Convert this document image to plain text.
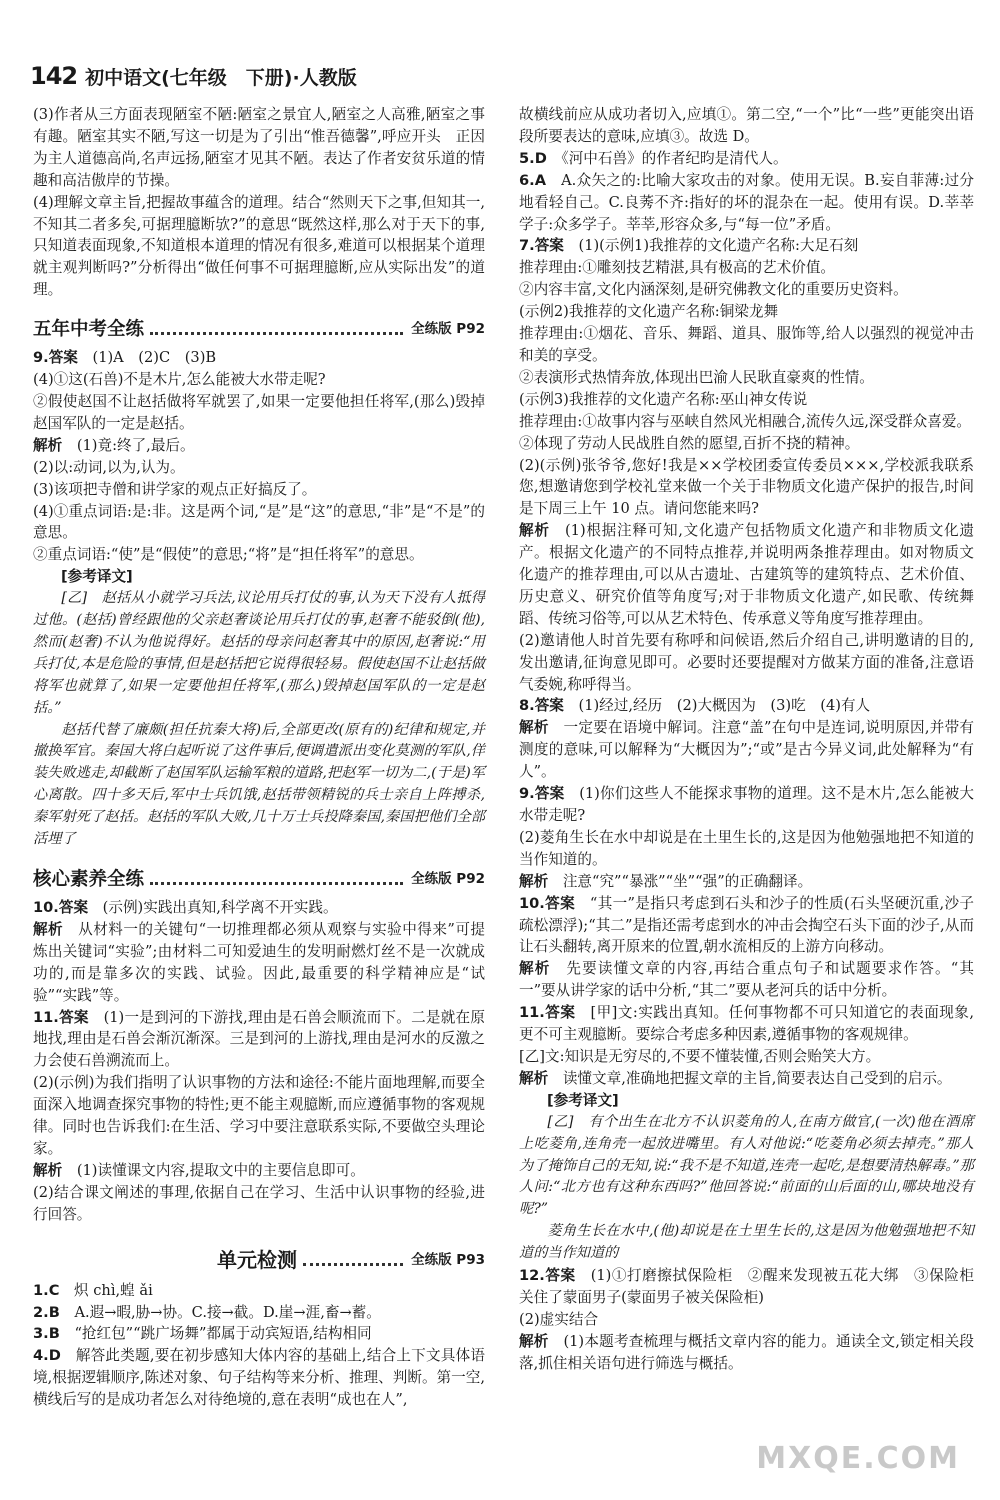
142 初中语文(七年级　下册)·人教版

(3)作者从三方面表现陋室不陋:陋室之景宜人,陋室之人高雅,陋室之事有趣。陋室其实不陋,写这一切是为了引出“惟吾德馨”,呼应开头　正因为主人道德高尚,名声远扬,陋室才见其不陋。表达了作者安贫乐道的情趣和高洁傲岸的节操。

(4)理解文章主旨,把握故事蕴含的道理。结合“然则天下之事,但知其一,不知其二者多矣,可据理臆断欤?”的意思“既然这样,那么对于天下的事,只知道表面现象,不知道根本道理的情况有很多,难道可以根据某个道理就主观判断吗?”分析得出“做任何事不可据理臆断,应从实际出发”的道理。

五年中考全练	全练版 P92

9.答案　 (1)A　(2)C　(3)B

(4)①这(石兽)不是木片,怎么能被大水带走呢?

②假使赵国不让赵括做将军就罢了,如果一定要他担任将军,(那么)毁掉赵国军队的一定是赵括。

解析　 (1)竟:终了,最后。

(2)以:动词,以为,认为。

(3)该项把寺僧和讲学家的观点正好搞反了。

(4)①重点词语:是:非。这是两个词,“是”是“这”的意思,“非”是“不是”的意思。

②重点词语:“使”是“假使”的意思;“将”是“担任将军”的意思。

[参考译文]

[乙]　赵括从小就学习兵法,议论用兵打仗的事,认为天下没有人抵得过他。(赵括)曾经跟他的父亲赵奢谈论用兵打仗的事,赵奢不能驳倒(他),然而(赵奢)不认为他说得好。赵括的母亲问赵奢其中的原因,赵奢说:“用兵打仗,本是危险的事情,但是赵括把它说得很轻易。假使赵国不让赵括做将军也就算了,如果一定要他担任将军,(那么)毁掉赵国军队的一定是赵括。”

赵括代替了廉颇(担任抗秦大将)后,全部更改(原有的)纪律和规定,并撤换军官。秦国大将白起听说了这件事后,便调遣派出变化莫测的军队,佯装失败逃走,却截断了赵国军队运输军粮的道路,把赵军一切为二,(于是)军心离散。四十多天后,军中士兵饥饿,赵括带领精锐的兵士亲自上阵搏杀,秦军射死了赵括。赵括的军队大败,几十万士兵投降秦国,秦国把他们全部活埋了

核心素养全练	全练版 P92

10.答案　 (示例)实践出真知,科学离不开实践。

解析　 从材料一的关键句“一切推理都必须从观察与实验中得来”可提炼出关键词“实验”;由材料二可知爱迪生的发明耐燃灯丝不是一次就成功的,而是靠多次的实践、试验。因此,最重要的科学精神应是“试验”“实践”等。

11.答案　 (1)一是到河的下游找,理由是石兽会顺流而下。二是就在原地找,理由是石兽会渐沉渐深。三是到河的上游找,理由是河水的反激之力会使石兽溯流而上。

(2)(示例)为我们指明了认识事物的方法和途径:不能片面地理解,而要全面深入地调查探究事物的特性;更不能主观臆断,而应遵循事物的客观规律。同时也告诉我们:在生活、学习中要注意联系实际,不要做空头理论家。

解析　 (1)读懂课文内容,提取文中的主要信息即可。

(2)结合课文阐述的事理,依据自己在学习、生活中认识事物的经验,进行回答。

单元检测	全练版 P93

1.C　 炽 chì,蝗 ǎi

2.B　 A.遐→暇,胁→协。C.接→截。D.崖→涯,畜→蓄。

3.B　 “抢红包”“跳广场舞”都属于动宾短语,结构相同

4.D　 解答此类题,要在初步感知大体内容的基础上,结合上下文具体语境,根据逻辑顺序,陈述对象、句子结构等来分析、推理、判断。第一空,横线后写的是成功者怎么对待绝境的,意在表明“成也在人”,

故横线前应从成功者切入,应填①。第二空,“一个”比“一些”更能突出语段所要表达的意味,应填③。故选 D。

5.D　 《河中石兽》的作者纪昀是清代人。

6.A　 A.众矢之的:比喻大家攻击的对象。使用无误。B.妄自菲薄:过分地看轻自己。C.良莠不齐:指好的坏的混杂在一起。使用有误。D.莘莘学子:众多学子。莘莘,形容众多,与“每一位”矛盾。

7.答案　 (1)(示例1)我推荐的文化遗产名称:大足石刻

推荐理由:①雕刻技艺精湛,具有极高的艺术价值。

②内容丰富,文化内涵深刻,是研究佛教文化的重要历史资料。

(示例2)我推荐的文化遗产名称:铜梁龙舞

推荐理由:①烟花、音乐、舞蹈、道具、服饰等,给人以强烈的视觉冲击和美的享受。

②表演形式热情奔放,体现出巴渝人民耿直豪爽的性情。

(示例3)我推荐的文化遗产名称:巫山神女传说

推荐理由:①故事内容与巫峡自然风光相融合,流传久远,深受群众喜爱。

②体现了劳动人民战胜自然的愿望,百折不挠的精神。

(2)(示例)张爷爷,您好!我是××学校团委宣传委员×××,学校派我联系您,想邀请您到学校礼堂来做一个关于非物质文化遗产保护的报告,时间是下周三上午 10 点。请问您能来吗?

解析　 (1)根据注释可知,文化遗产包括物质文化遗产和非物质文化遗产。根据文化遗产的不同特点推荐,并说明两条推荐理由。如对物质文化遗产的推荐理由,可以从古遗址、古建筑等的建筑特点、艺术价值、历史意义、研究价值等角度写;对于非物质文化遗产,如民歌、传统舞蹈、传统习俗等,可以从艺术特色、传承意义等角度写推荐理由。

(2)邀请他人时首先要有称呼和问候语,然后介绍自己,讲明邀请的目的,发出邀请,征询意见即可。必要时还要提醒对方做某方面的准备,注意语气委婉,称呼得当。

8.答案　 (1)经过,经历　(2)大概因为　(3)吃　(4)有人

解析　 一定要在语境中解词。注意“盖”在句中是连词,说明原因,并带有测度的意味,可以解释为“大概因为”;“或”是古今异义词,此处解释为“有人”。

9.答案　 (1)你们这些人不能探求事物的道理。这不是木片,怎么能被大水带走呢?

(2)菱角生长在水中却说是在土里生长的,这是因为他勉强地把不知道的当作知道的。

解析　 注意“究”“暴涨”“坐”“强”的正确翻译。

10.答案　 “其一”是指只考虑到石头和沙子的性质(石头坚硬沉重,沙子疏松漂浮);“其二”是指还需考虑到水的冲击会掏空石头下面的沙子,从而让石头翻转,离开原来的位置,朝水流相反的上游方向移动。

解析　 先要读懂文章的内容,再结合重点句子和试题要求作答。“其一”要从讲学家的话中分析,“其二”要从老河兵的话中分析。

11.答案　 [甲]文:实践出真知。任何事物都不可只知道它的表面现象,更不可主观臆断。要综合考虑多种因素,遵循事物的客观规律。

[乙]文:知识是无穷尽的,不要不懂装懂,否则会贻笑大方。

解析　 读懂文章,准确地把握文章的主旨,简要表达自己受到的启示。

[参考译文]

[乙]　有个出生在北方不认识菱角的人,在南方做官,(一次)他在酒席上吃菱角,连角壳一起放进嘴里。有人对他说:“吃菱角必须去掉壳。”那人为了掩饰自己的无知,说:“我不是不知道,连壳一起吃,是想要清热解毒。”那人问:“北方也有这种东西吗?”他回答说:“前面的山后面的山,哪块地没有呢?”

菱角生长在水中,(他)却说是在土里生长的,这是因为他勉强地把不知道的当作知道的

12.答案　 (1)①打磨擦拭保险柜　②醒来发现被五花大绑　③保险柜关住了蒙面男子(蒙面男子被关保险柜)

(2)虚实结合

解析　 (1)本题考查梳理与概括文章内容的能力。通读全文,锁定相关段落,抓住相关语句进行筛选与概括。

MXQE.COM
